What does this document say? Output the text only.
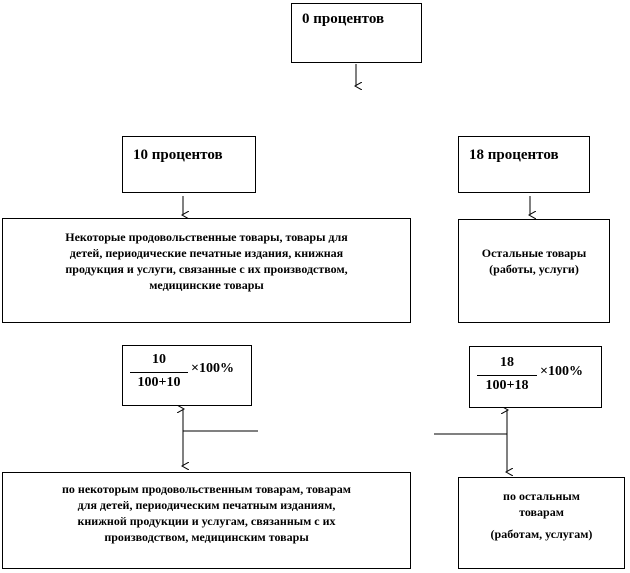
0 процентов
10 процентов	18 процентов
Некоторые продовольственные товары, товары для
детей, периодические печатные издания, книжная
продукция и услуги, связанные с их производством,
медицинские товары
Остальные товары
(работы, услуги)
10
100+10
×100%	18
100+18
×100%
по некоторым продовольственным товарам, товарам
для детей, периодическим печатным изданиям,
книжной продукции и услугам, связанным с их
производством, медицинским товары
по остальным
товарам
(работам, услугам)
